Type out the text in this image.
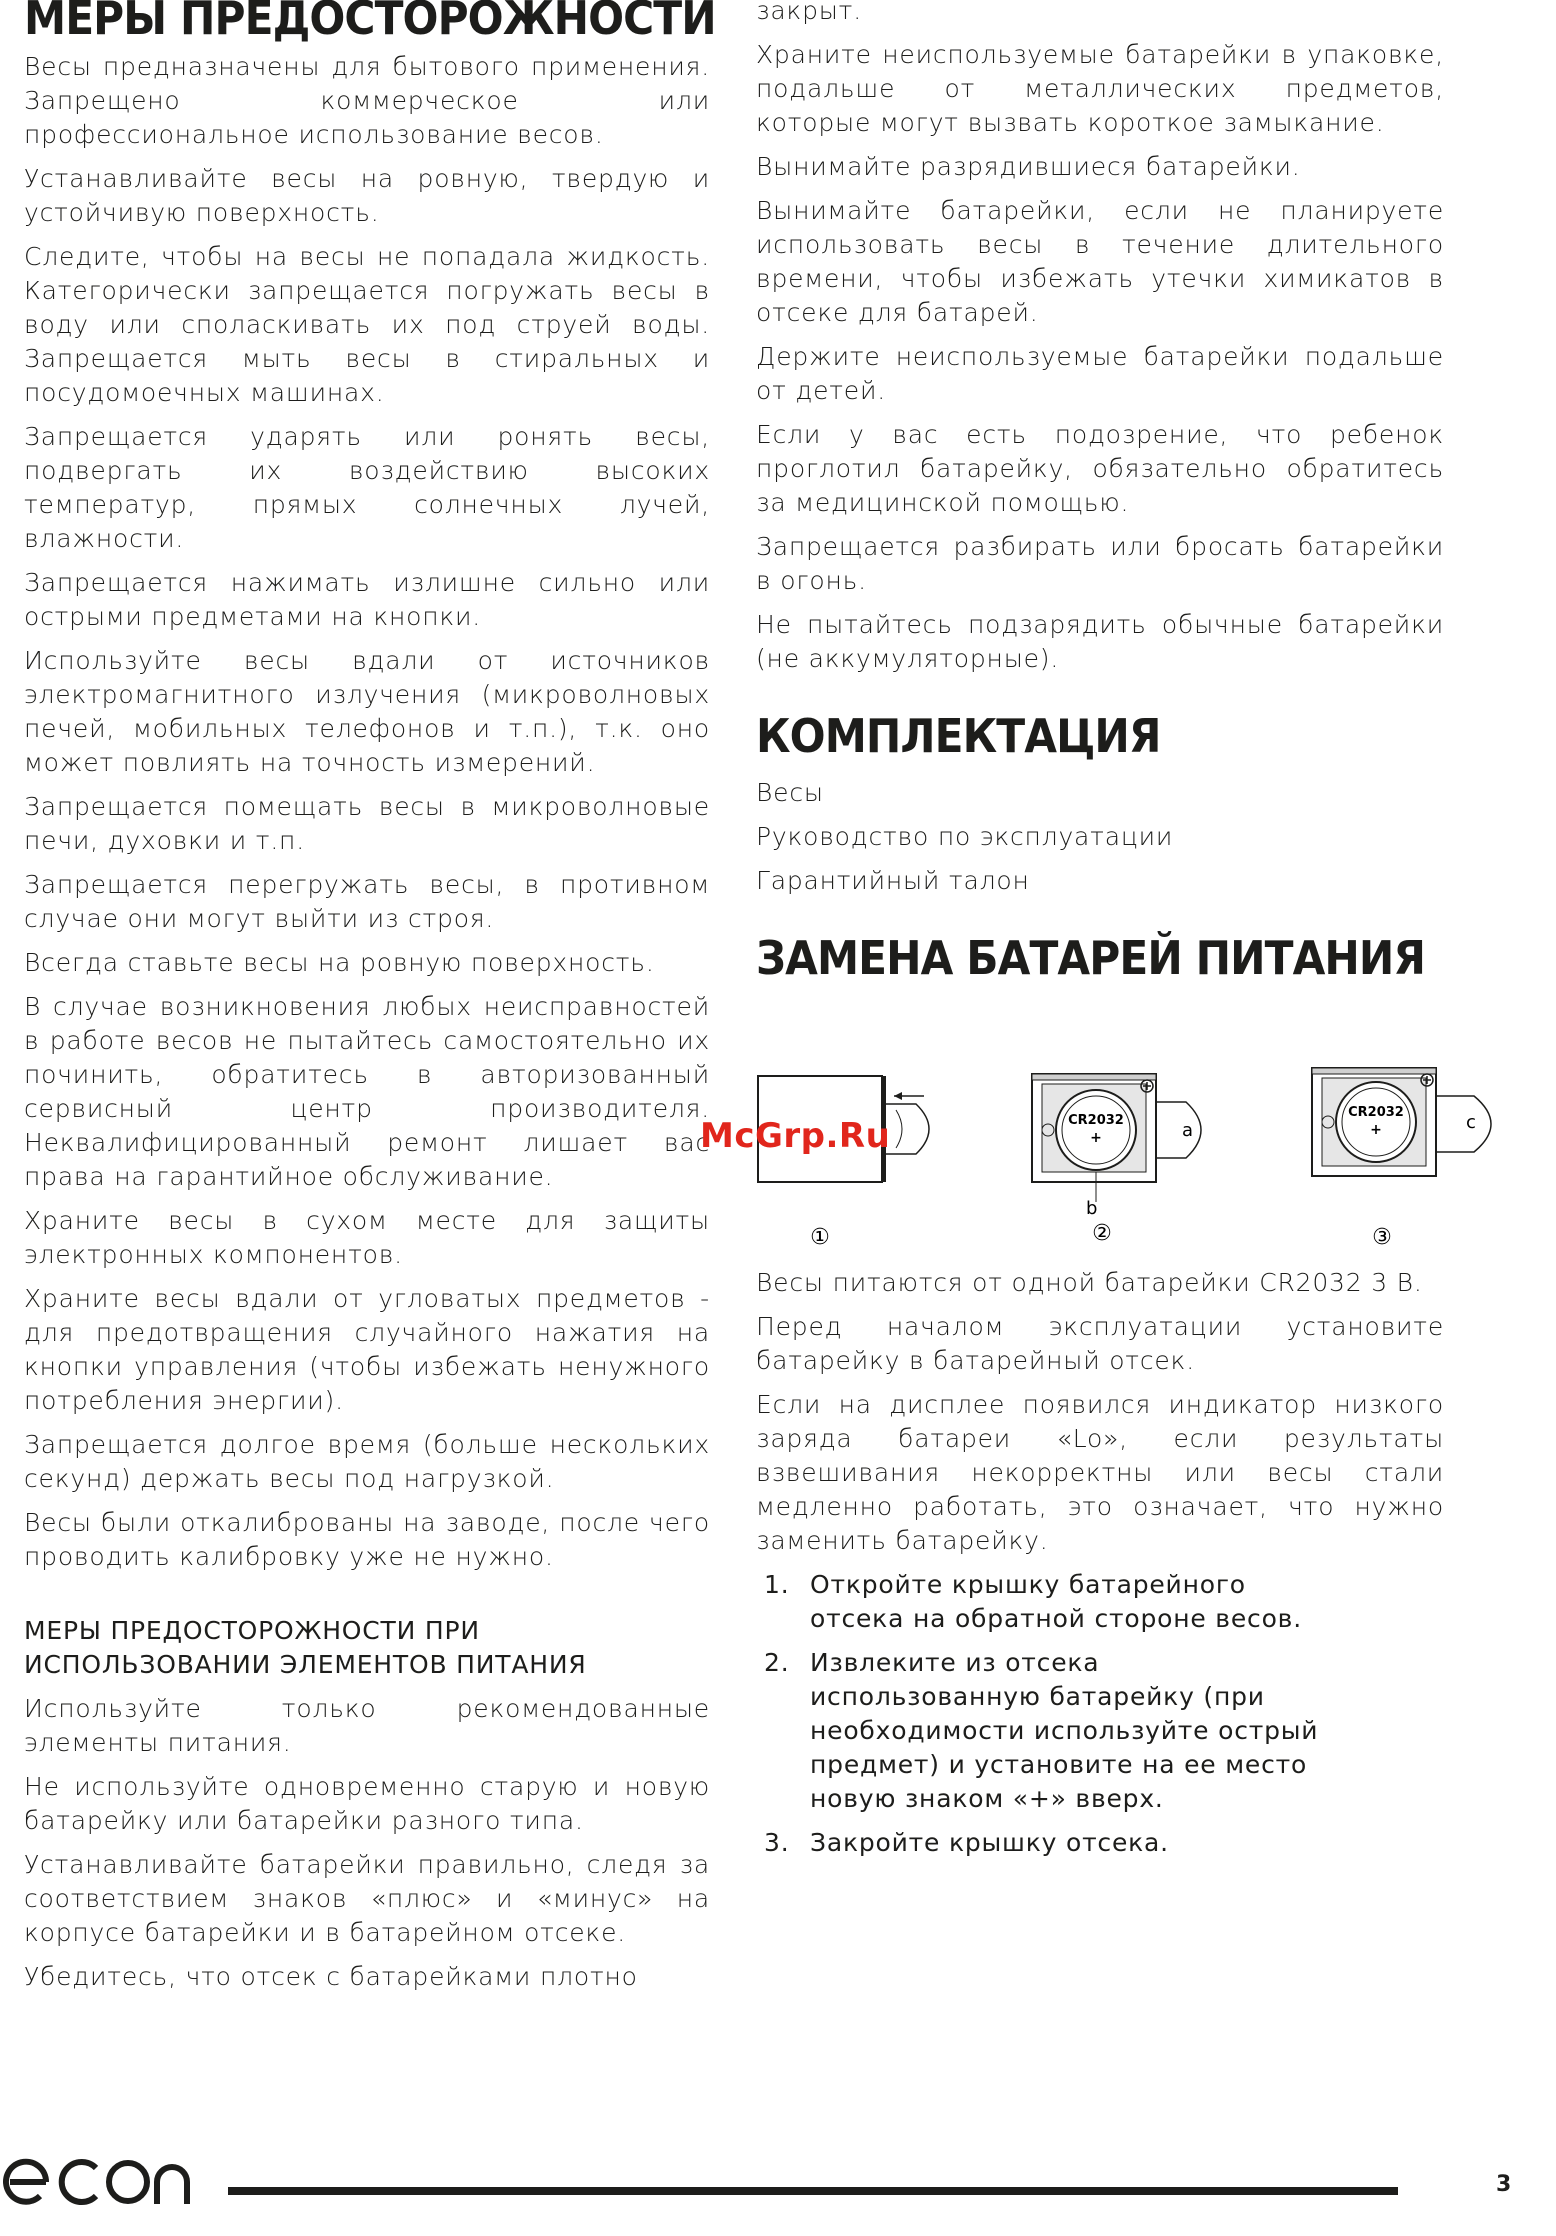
МЕРЫ ПРЕДОСТОРОЖНОСТИ

Весы предназначены для бытового применения. Запрещено коммерческое или профессиональное использование весов.

Устанавливайте весы на ровную, твердую и устойчивую поверхность.

Следите, чтобы на весы не попадала жидкость. Категорически запрещается погружать весы в воду или споласкивать их под струей воды. Запрещается мыть весы в стиральных и посудомоечных машинах.

Запрещается ударять или ронять весы, подвергать их воздействию высоких температур, прямых солнечных лучей, влажности.

Запрещается нажимать излишне сильно или острыми предметами на кнопки.

Используйте весы вдали от источников электромагнитного излучения (микроволновых печей, мобильных телефонов и т.п.), т.к. оно может повлиять на точность измерений.

Запрещается помещать весы в микроволновые печи, духовки и т.п.

Запрещается перегружать весы, в противном случае они могут выйти из строя.

Всегда ставьте весы на ровную поверхность.

В случае возникновения любых неисправностей в работе весов не пытайтесь самостоятельно их починить, обратитесь в авторизованный сервисный центр производителя. Неквалифицированный ремонт лишает вас права на гарантийное обслуживание.

Храните весы в сухом месте для защиты электронных компонентов.

Храните весы вдали от угловатых предметов - для предотвращения случайного нажатия на кнопки управления (чтобы избежать ненужного потребления энергии).

Запрещается долгое время (больше нескольких секунд) держать весы под нагрузкой.

Весы были откалиброваны на заводе, после чего проводить калибровку уже не нужно.

МЕРЫ ПРЕДОСТОРОЖНОСТИ ПРИ ИСПОЛЬЗОВАНИИ ЭЛЕМЕНТОВ ПИТАНИЯ

Используйте только рекомендованные элементы питания.

Не используйте одновременно старую и новую батарейку или батарейки разного типа.

Устанавливайте батарейки правильно, следя за соответствием знаков «плюс» и «минус» на корпусе батарейки и в батарейном отсеке.

Убедитесь, что отсек с батарейками плотно

закрыт.

Храните неиспользуемые батарейки в упаковке, подальше от металлических предметов, которые могут вызвать короткое замыкание.

Вынимайте разрядившиеся батарейки.

Вынимайте батарейки, если не планируете использовать весы в течение длительного времени, чтобы избежать утечки химикатов в отсеке для батарей.

Держите неиспользуемые батарейки подальше от детей.

Если у вас есть подозрение, что ребенок проглотил батарейку, обязательно обратитесь за медицинской помощью.

Запрещается разбирать или бросать батарейки в огонь.

Не пытайтесь подзарядить обычные батарейки (не аккумуляторные).

КОМПЛЕКТАЦИЯ

Весы

Руководство по эксплуатации

Гарантийный талон

ЗАМЕНА БАТАРЕЙ ПИТАНИЯ
①
CR2032
+	a
b
②
CR2032
+	c
③

Весы питаются от одной батарейки CR2032 3 В.

Перед началом эксплуатации установите батарейку в батарейный отсек.

Если на дисплее появился индикатор низкого заряда батареи «Lo», если результаты взвешивания некорректны или весы стали медленно работать, это означает, что нужно заменить батарейку.

1. Откройте крышку батарейного отсека на обратной стороне весов.
2. Извлеките из отсека использованную батарейку (при необходимости используйте острый предмет) и установите на ее место новую знаком «+» вверх.
3. Закройте крышку отсека.
McGrp.Ru
3
